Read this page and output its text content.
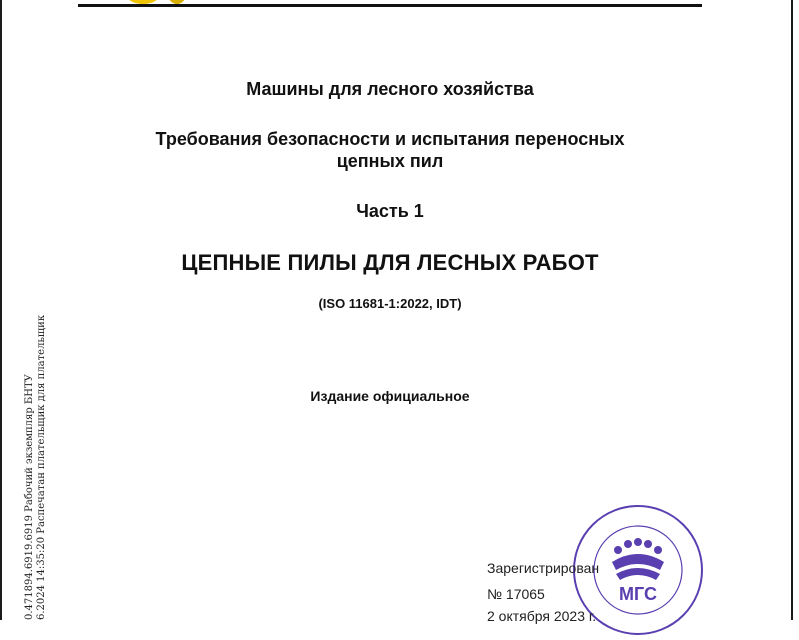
Машины для лесного хозяйства
Требования безопасности и испытания переносных
цепных пил
Часть 1
ЦЕПНЫЕ ПИЛЫ ДЛЯ ЛЕСНЫХ РАБОТ
(ISO 11681-1:2022, IDT)
Издание официальное
0.471894.6919.6919 Рабочий экземпляр БНТУ 6.2024 14:35:20 Распечатан плательщик для плательщик	МГС
Зарегистрирован
№ 17065
2 октября 2023 г.
